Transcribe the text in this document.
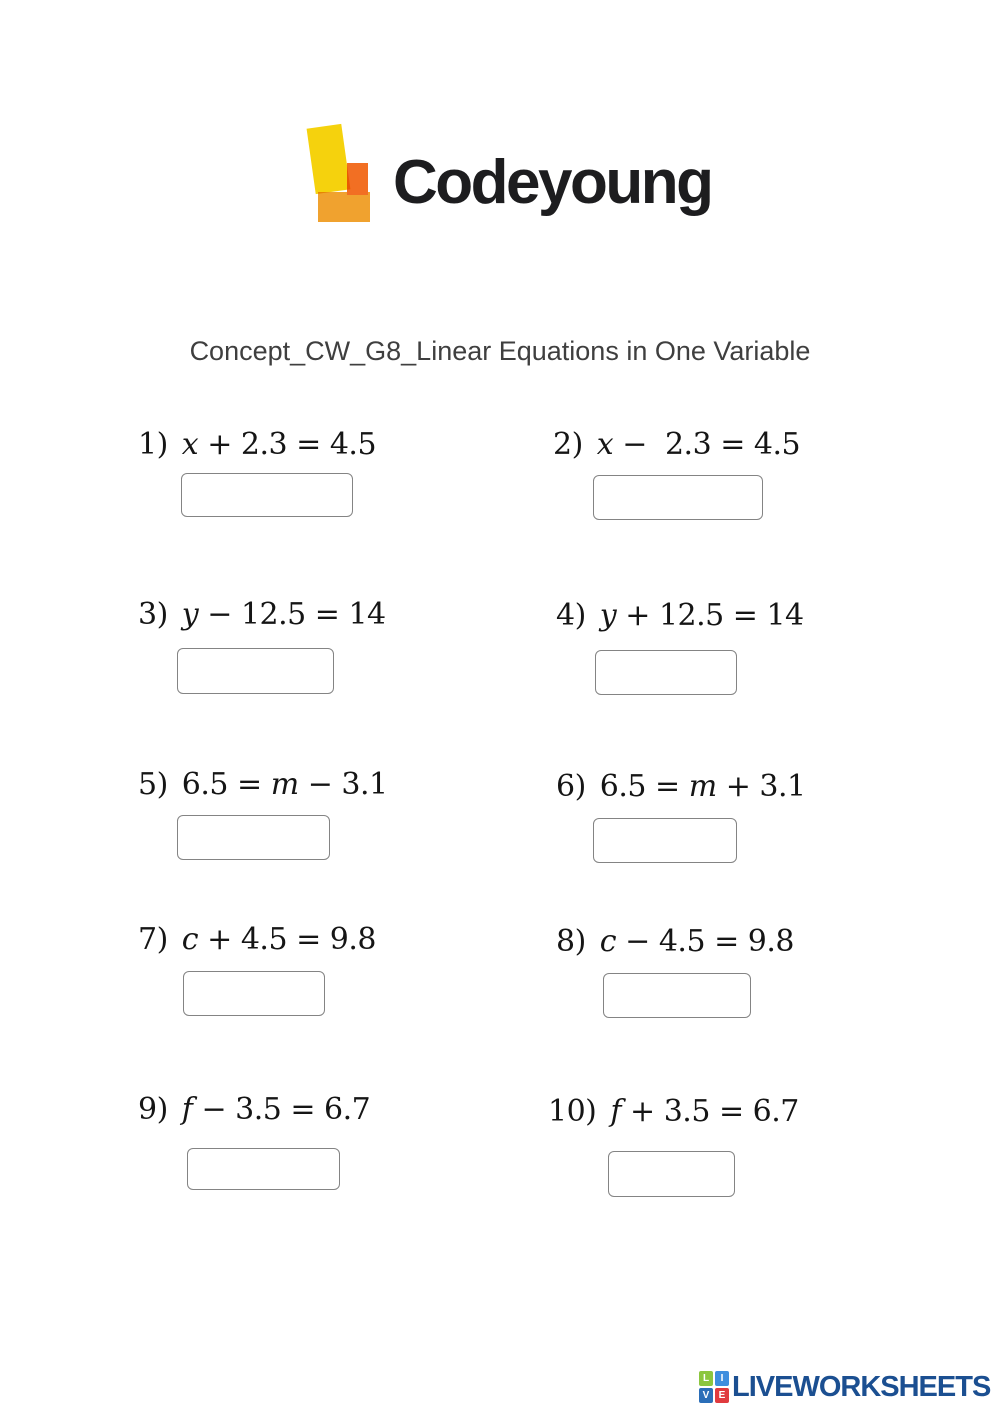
Codeyoung
Concept_CW_G8_Linear Equations in One Variable
1) x + 2.3 = 4.5	2) x −  2.3 = 4.5
3) y − 12.5 = 14	4) y + 12.5 = 14
5) 6.5 = m − 3.1	6) 6.5 = m + 3.1
7) c + 4.5 = 9.8	8) c − 4.5 = 9.8
9) f − 3.5 = 6.7	10) f + 3.5 = 6.7
L	I
V E LIVEWORKSHEETS
